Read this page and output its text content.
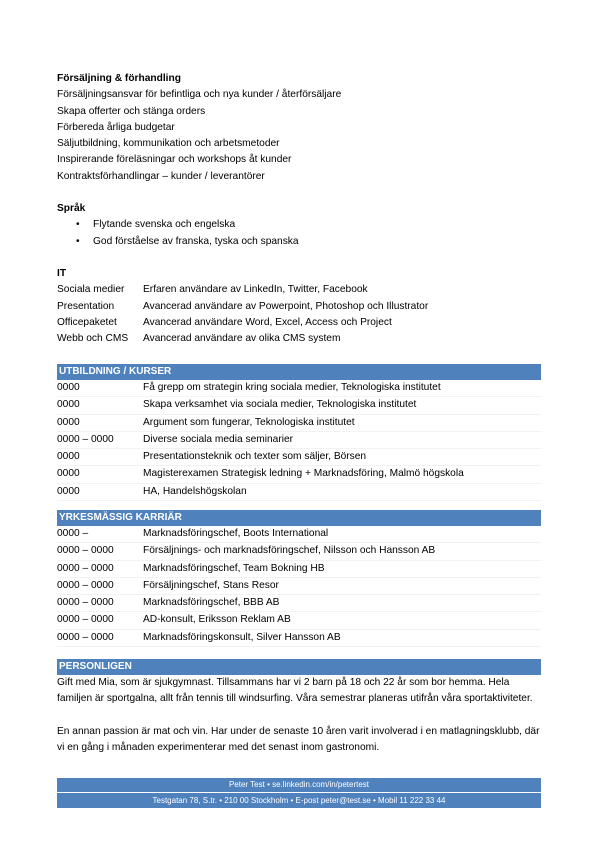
Försäljning & förhandling
Försäljningsansvar för befintliga och nya kunder / återförsäljare
Skapa offerter och stänga orders
Förbereda årliga budgetar
Säljutbildning, kommunikation och arbetsmetoder
Inspirerande föreläsningar och workshops åt kunder
Kontraktsförhandlingar – kunder / leverantörer
Språk
• Flytande svenska och engelska
• God förståelse av franska, tyska och spanska
IT
Sociala medier	Erfaren användare av LinkedIn, Twitter, Facebook
Presentation	Avancerad användare av Powerpoint, Photoshop och Illustrator
Officepaketet	Avancerad användare Word, Excel, Access och Project
Webb och CMS	Avancerad användare av olika CMS system
UTBILDNING / KURSER
0000	Få grepp om strategin kring sociala medier, Teknologiska institutet
0000	Skapa verksamhet via sociala medier, Teknologiska institutet
0000	Argument som fungerar, Teknologiska institutet
0000 – 0000	Diverse sociala media seminarier
0000	Presentationsteknik och texter som säljer, Börsen
0000	Magisterexamen Strategisk ledning + Marknadsföring, Malmö högskola
0000	HA, Handelshögskolan
YRKESMÄSSIG KARRIÄR
0000 –	Marknadsföringschef, Boots International
0000 – 0000	Försäljnings- och marknadsföringschef, Nilsson och Hansson AB
0000 – 0000	Marknadsföringschef, Team Bokning HB
0000 – 0000	Försäljningschef, Stans Resor
0000 – 0000	Marknadsföringschef, BBB AB
0000 – 0000	AD-konsult, Eriksson Reklam AB
0000 – 0000	Marknadsföringskonsult, Silver Hansson AB
PERSONLIGEN
Gift med Mia, som är sjukgymnast. Tillsammans har vi 2 barn på 18 och 22 år som bor hemma. Hela familjen är sportgalna, allt från tennis till windsurfing. Våra semestrar planeras utifrån våra sportaktiviteter.
En annan passion är mat och vin. Har under de senaste 10 åren varit involverad i en matlagningsklubb, där vi en gång i månaden experimenterar med det senast inom gastronomi.
Peter Test • se.linkedin.com/in/petertest
Testgatan 78, S.tr. • 210 00 Stockholm • E-post peter@test.se • Mobil 11 222 33 44
